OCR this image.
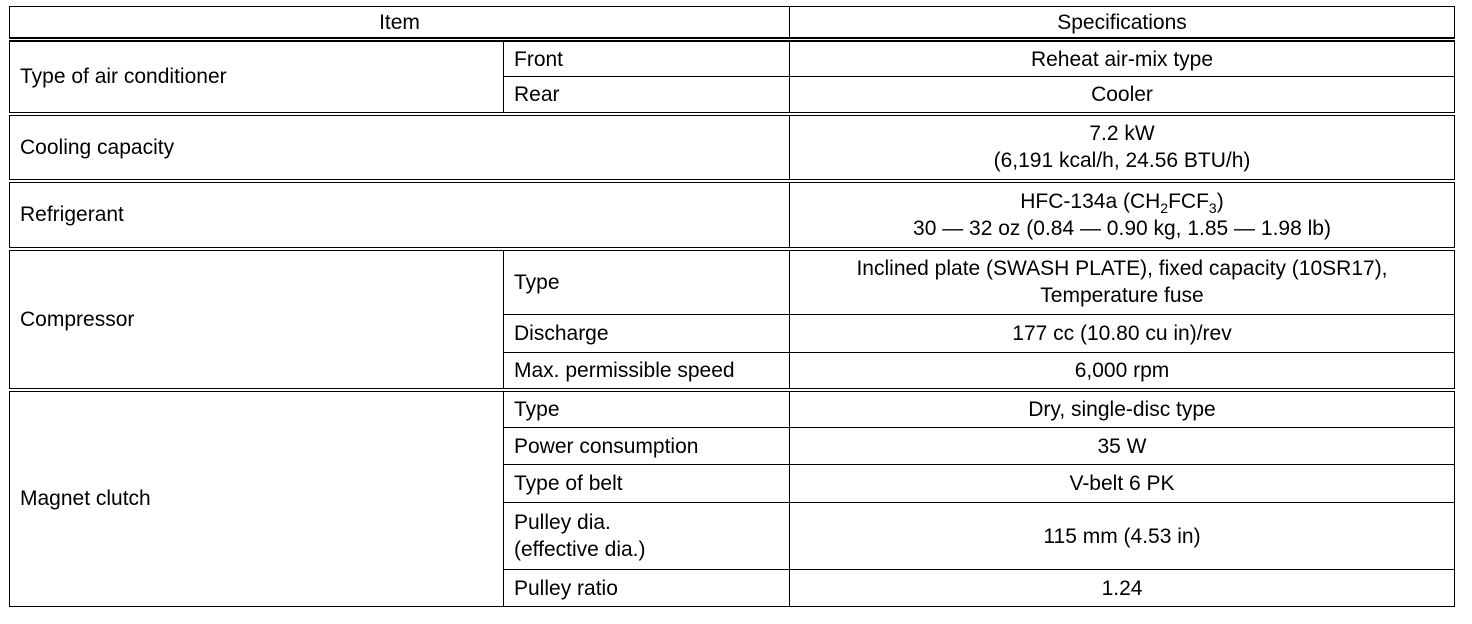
Item		Specifications
Type of air conditioner	Front	Reheat air-mix type
	Rear	Cooler
Cooling capacity		7.2 kW
(6,191 kcal/h, 24.56 BTU/h)

Refrigerant		HFC-134a $(CH_2FCF_3)$
30 — 32 oz (0.84 — 0.90 kg, 1.85 — 1.98 lb)

Compressor	Type	Inclined plate (SWASH PLATE), fixed capacity (10SR17),
Temperature fuse

	Discharge	177 cc (10.80 cu in)/rev
	Max. permissible speed	6,000 rpm
Magnet clutch	Type	Dry, single-disc type
	Power consumption	35 W
	Type of belt	V-belt 6 PK

	Pulley dia.
(effective dia.)	115 mm (4.53 in)
	Pulley ratio	1.24
